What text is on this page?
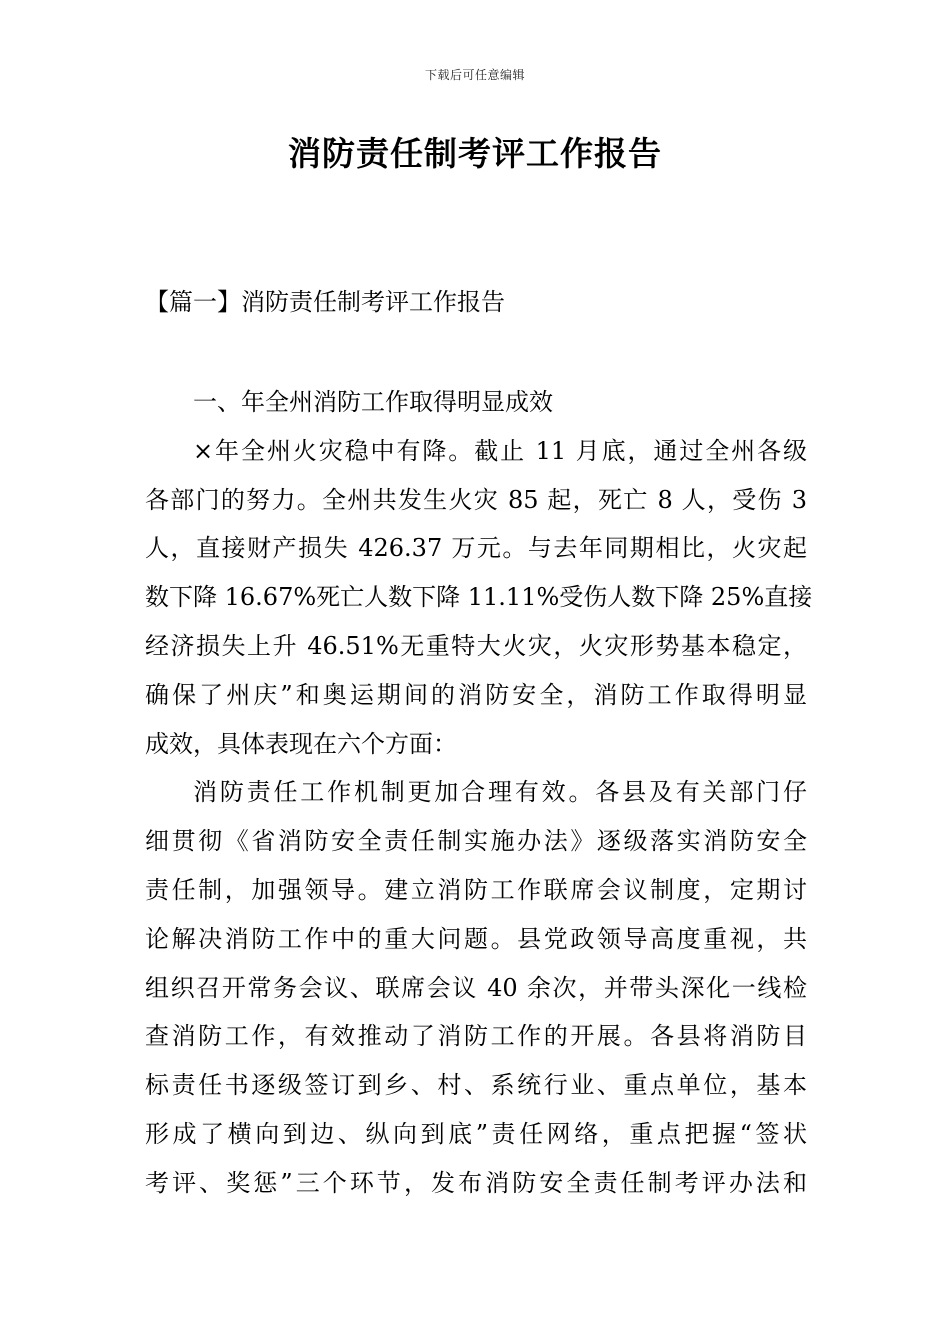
下载后可任意编辑
消防责任制考评工作报告
【篇一】消防责任制考评工作报告

一、年全州消防工作取得明显成效

×年全州火灾稳中有降。截止 11 月底，通过全州各级
各部门的努力。全州共发生火灾 85 起，死亡 8 人，受伤 3
人，直接财产损失 426.37 万元。与去年同期相比，火灾起
数下降 16.67%死亡人数下降 11.11%受伤人数下降 25%直接
经济损失上升 46.51%无重特大火灾，火灾形势基本稳定，
确保了州庆”和奥运期间的消防安全，消防工作取得明显
成效，具体表现在六个方面：

消防责任工作机制更加合理有效。各县及有关部门仔
细贯彻《省消防安全责任制实施办法》逐级落实消防安全
责任制，加强领导。建立消防工作联席会议制度，定期讨
论解决消防工作中的重大问题。县党政领导高度重视，共
组织召开常务会议、联席会议 40 余次，并带头深化一线检
查消防工作，有效推动了消防工作的开展。各县将消防目
标责任书逐级签订到乡、村、系统行业、重点单位，基本
形成了横向到边、纵向到底”责任网络，重点把握“签状
考评、奖惩”三个环节，发布消防安全责任制考评办法和
